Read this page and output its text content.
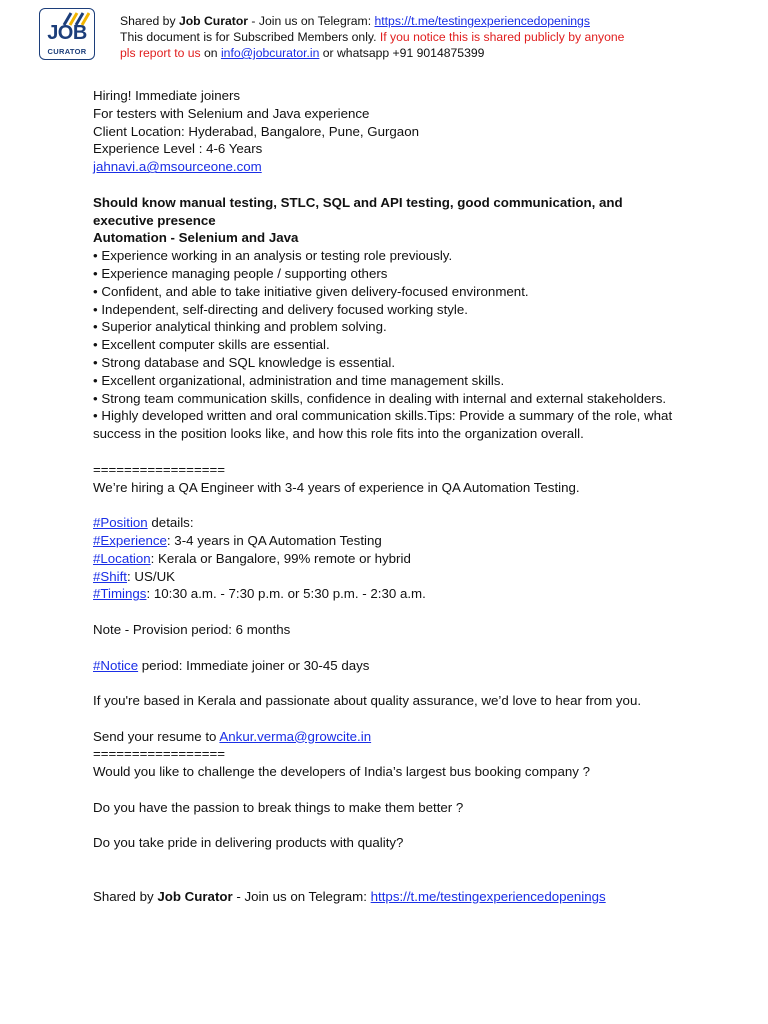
JOB
CURATOR
Shared by Job Curator - Join us on Telegram: https://t.me/testingexperiencedopenings
This document is for Subscribed Members only. If you notice this is shared publicly by anyone
pls report to us on info@jobcurator.in or whatsapp +91 9014875399

Hiring! Immediate joiners

For testers with Selenium and Java experience

Client Location: Hyderabad, Bangalore, Pune, Gurgaon

Experience Level : 4-6 Years

jahnavi.a@msourceone.com

Should know manual testing, STLC, SQL and API testing, good communication, and executive presence

Automation - Selenium and Java

• Experience working in an analysis or testing role previously.

• Experience managing people / supporting others

• Confident, and able to take initiative given delivery-focused environment.

• Independent, self-directing and delivery focused working style.

• Superior analytical thinking and problem solving.

• Excellent computer skills are essential.

• Strong database and SQL knowledge is essential.

• Excellent organizational, administration and time management skills.

• Strong team communication skills, confidence in dealing with internal and external stakeholders.

• Highly developed written and oral communication skills.Tips: Provide a summary of the role, what success in the position looks like, and how this role fits into the organization overall.

=================

We’re hiring a QA Engineer with 3-4 years of experience in QA Automation Testing.

#Position details:

#Experience: 3-4 years in QA Automation Testing

#Location: Kerala or Bangalore, 99% remote or hybrid

#Shift: US/UK

#Timings: 10:30 a.m. - 7:30 p.m. or 5:30 p.m. - 2:30 a.m.

Note - Provision period: 6 months

#Notice period: Immediate joiner or 30-45 days

If you're based in Kerala and passionate about quality assurance, we’d love to hear from you.

Send your resume to Ankur.verma@growcite.in

=================

Would you like to challenge the developers of India’s largest bus booking company ?

Do you have the passion to break things to make them better ?

Do you take pride in delivering products with quality?

Shared by Job Curator - Join us on Telegram: https://t.me/testingexperiencedopenings
